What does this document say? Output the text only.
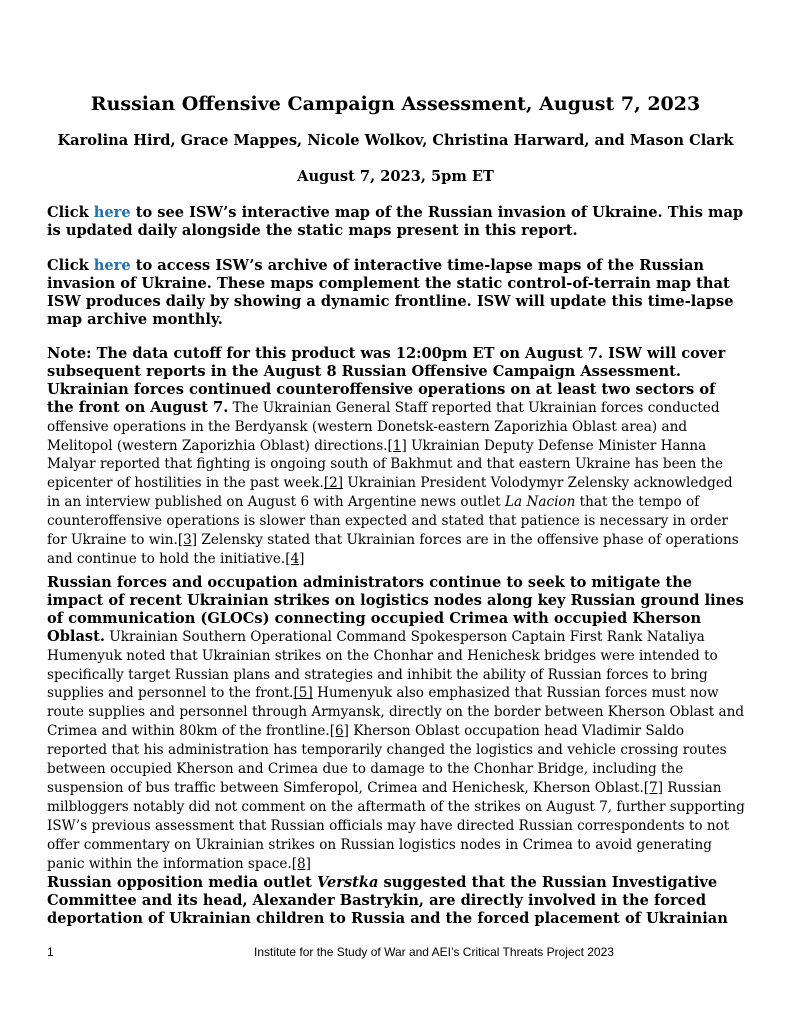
Russian Offensive Campaign Assessment, August 7, 2023
Karolina Hird, Grace Mappes, Nicole Wolkov, Christina Harward, and Mason Clark
August 7, 2023, 5pm ET
Click here to see ISW’s interactive map of the Russian invasion of Ukraine. This map is updated daily alongside the static maps present in this report.
Click here to access ISW’s archive of interactive time-lapse maps of the Russian invasion of Ukraine. These maps complement the static control-of-terrain map that ISW produces daily by showing a dynamic frontline. ISW will update this time-lapse map archive monthly.
Note: The data cutoff for this product was 12:00pm ET on August 7. ISW will cover subsequent reports in the August 8 Russian Offensive Campaign Assessment. Ukrainian forces continued counteroffensive operations on at least two sectors of the front on August 7. The Ukrainian General Staff reported that Ukrainian forces conducted offensive operations in the Berdyansk (western Donetsk-eastern Zaporizhia Oblast area) and Melitopol (western Zaporizhia Oblast) directions.[1] Ukrainian Deputy Defense Minister Hanna Malyar reported that fighting is ongoing south of Bakhmut and that eastern Ukraine has been the epicenter of hostilities in the past week.[2] Ukrainian President Volodymyr Zelensky acknowledged in an interview published on August 6 with Argentine news outlet La Nacion that the tempo of counteroffensive operations is slower than expected and stated that patience is necessary in order for Ukraine to win.[3] Zelensky stated that Ukrainian forces are in the offensive phase of operations and continue to hold the initiative.[4]
Russian forces and occupation administrators continue to seek to mitigate the impact of recent Ukrainian strikes on logistics nodes along key Russian ground lines of communication (GLOCs) connecting occupied Crimea with occupied Kherson Oblast. Ukrainian Southern Operational Command Spokesperson Captain First Rank Nataliya Humenyuk noted that Ukrainian strikes on the Chonhar and Henichesk bridges were intended to specifically target Russian plans and strategies and inhibit the ability of Russian forces to bring supplies and personnel to the front.[5] Humenyuk also emphasized that Russian forces must now route supplies and personnel through Armyansk, directly on the border between Kherson Oblast and Crimea and within 80km of the frontline.[6] Kherson Oblast occupation head Vladimir Saldo reported that his administration has temporarily changed the logistics and vehicle crossing routes between occupied Kherson and Crimea due to damage to the Chonhar Bridge, including the suspension of bus traffic between Simferopol, Crimea and Henichesk, Kherson Oblast.[7] Russian milbloggers notably did not comment on the aftermath of the strikes on August 7, further supporting ISW’s previous assessment that Russian officials may have directed Russian correspondents to not offer commentary on Ukrainian strikes on Russian logistics nodes in Crimea to avoid generating panic within the information space.[8]
Russian opposition media outlet Verstka suggested that the Russian Investigative Committee and its head, Alexander Bastrykin, are directly involved in the forced deportation of Ukrainian children to Russia and the forced placement of Ukrainian
1	Institute for the Study of War and AEI’s Critical Threats Project 2023
